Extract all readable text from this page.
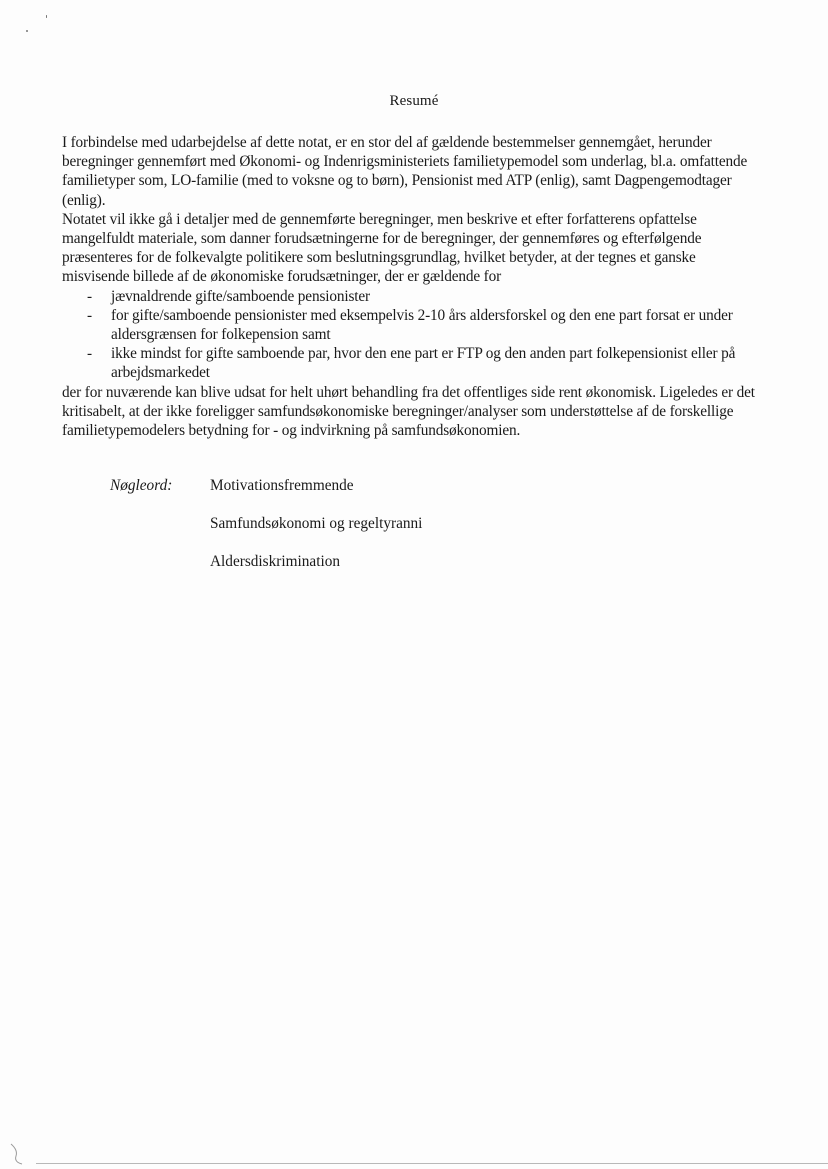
Resumé

I forbindelse med udarbejdelse af dette notat, er en stor del af gældende bestemmelser gennemgået, herunder beregninger gennemført med Økonomi- og Indenrigsministeriets familietypemodel som underlag, bl.a. omfattende familietyper som, LO-familie (med to voksne og to børn), Pensionist med ATP (enlig), samt Dagpengemodtager (enlig).

Notatet vil ikke gå i detaljer med de gennemførte beregninger, men beskrive et efter forfatterens opfattelse mangelfuldt materiale, som danner forudsætningerne for de beregninger, der gennemføres og efterfølgende præsenteres for de folkevalgte politikere som beslutningsgrundlag, hvilket betyder, at der tegnes et ganske misvisende billede af de økonomiske forudsætninger, der er gældende for

- jævnaldrende gifte/samboende pensionister
- for gifte/samboende pensionister med eksempelvis 2-10 års aldersforskel og den ene part forsat er under aldersgrænsen for folkepension samt
- ikke mindst for gifte samboende par, hvor den ene part er FTP og den anden part folkepensionist eller på arbejdsmarkedet

der for nuværende kan blive udsat for helt uhørt behandling fra det offentliges side rent økonomisk. Ligeledes er det kritisabelt, at der ikke foreligger samfundsøkonomiske beregninger/analyser som understøttelse af de forskellige familietypemodelers betydning for - og indvirkning på samfundsøkonomien.

Nøgleord: Motivationsfremmende
Samfundsøkonomi og regeltyranni
Aldersdiskrimination
